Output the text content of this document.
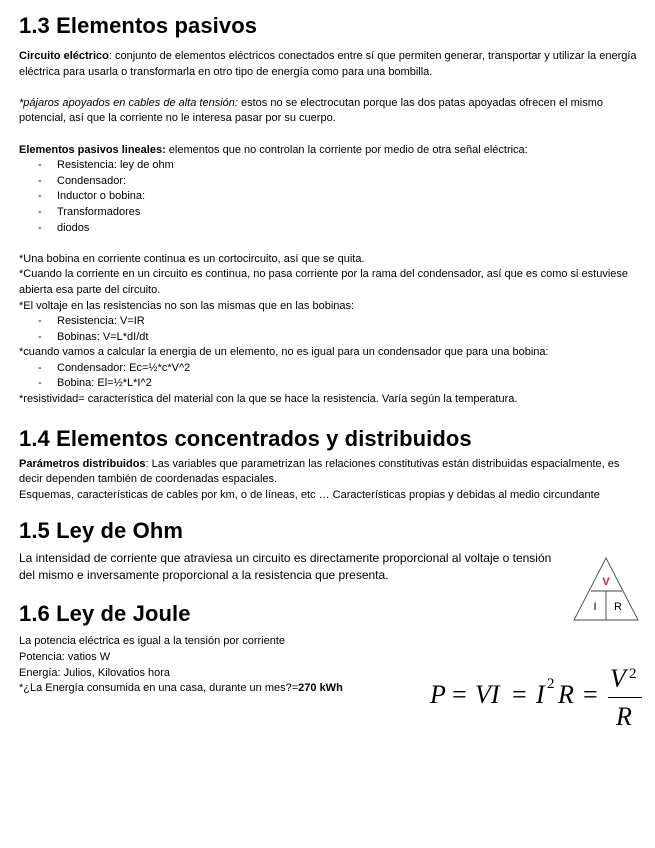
1.3 Elementos pasivos

Circuito eléctrico: conjunto de elementos eléctricos conectados entre sí que permiten generar, transportar y utilizar la energía eléctrica para usarla o transformarla en otro tipo de energía como para una bombilla.

*pájaros apoyados en cables de alta tensión: estos no se electrocutan porque las dos patas apoyadas ofrecen el mismo potencial, así que la corriente no le interesa pasar por su cuerpo.

Elementos pasivos lineales: elementos que no controlan la corriente por medio de otra señal eléctrica:

- Resistencia: ley de ohm
- Condensador:
- Inductor o bobina:
- Transformadores
- diodos

*Una bobina en corriente continua es un cortocircuito, así que se quita.

*Cuando la corriente en un circuito es continua, no pasa corriente por la rama del condensador, así que es como si estuviese abierta esa parte del circuito.

*El voltaje en las resistencias no son las mismas que en las bobinas:

- Resistencia: V=IR
- Bobinas: V=L*dI/dt

*cuando vamos a calcular la energia de un elemento, no es igual para un condensador que para una bobina:

- Condensador: Ec=½*c*V^2
- Bobina: El=½*L*I^2

*resistividad= característica del material con la que se hace la resistencia. Varía según la temperatura.

1.4 Elementos concentrados y distribuidos

Parámetros distribuidos: Las variables que parametrizan las relaciones constitutivas están distribuidas espacialmente, es decir dependen también de coordenadas espaciales.

Esquemas, características de cables por km, o de líneas, etc … Características propias y debidas al medio circundante

1.5 Ley de Ohm

La intensidad de corriente que atraviesa un circuito es directamente proporcional al voltaje o tensión del mismo e inversamente proporcional a la resistencia que presenta.

1.6 Ley de Joule

La potencia eléctrica es igual a la tensión por corriente

Potencia: vatios W

Energía: Julios, Kilovatios hora

*¿La Energía consumida en una casa, durante un mes?=270 kWh

V
I R
P = VI = I 2 R =
V 2
R
